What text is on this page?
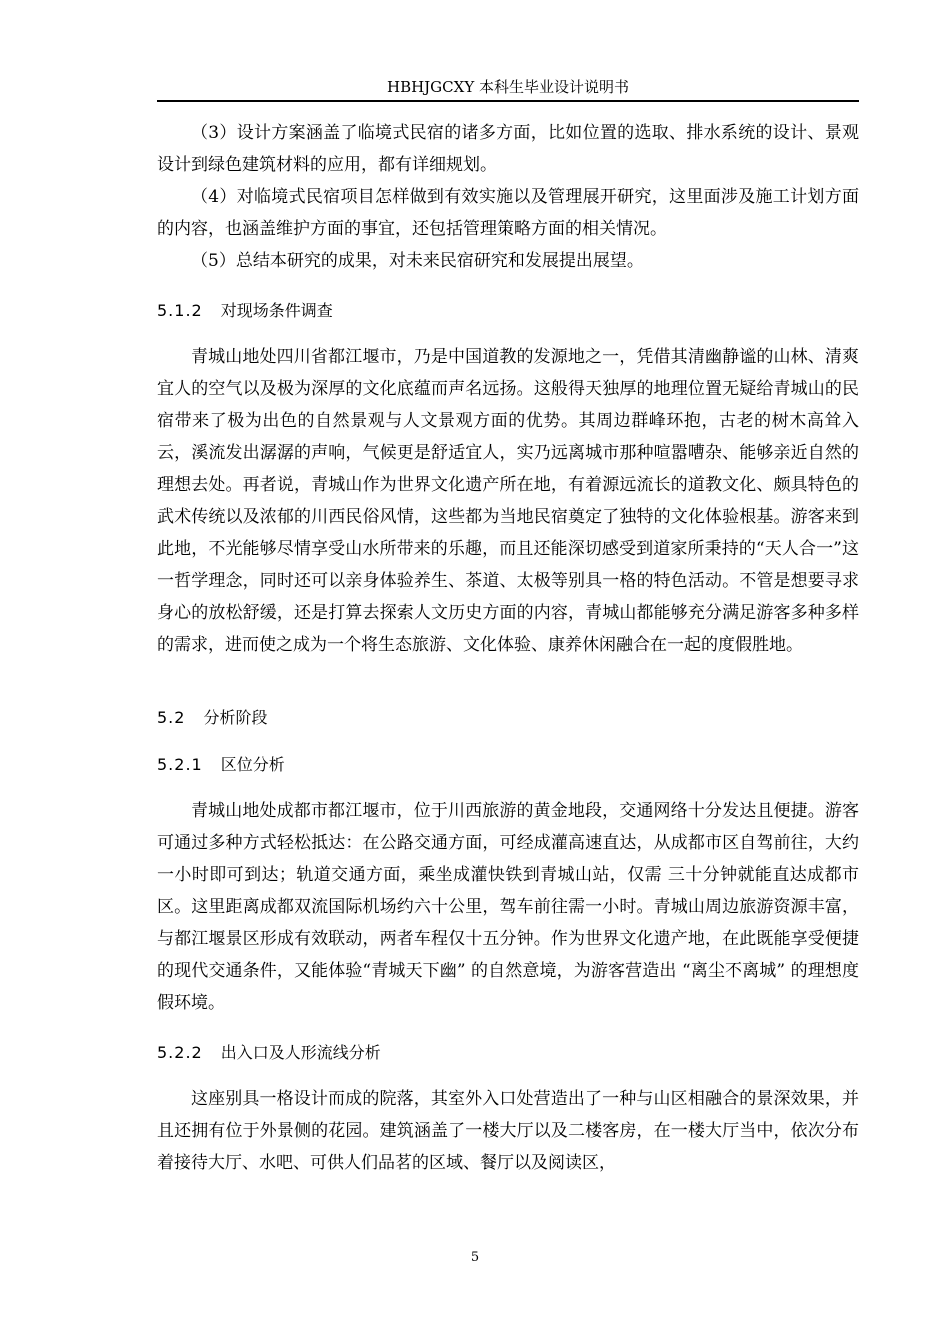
HBHJGCXY 本科生毕业设计说明书

（3）设计方案涵盖了临境式民宿的诸多方面，比如位置的选取、排水系统的设计、景观设计到绿色建筑材料的应用，都有详细规划。

（4）对临境式民宿项目怎样做到有效实施以及管理展开研究，这里面涉及施工计划方面的内容，也涵盖维护方面的事宜，还包括管理策略方面的相关情况。

（5）总结本研究的成果，对未来民宿研究和发展提出展望。

5.1.2 对现场条件调查

青城山地处四川省都江堰市，乃是中国道教的发源地之一，凭借其清幽静谧的山林、清爽宜人的空气以及极为深厚的文化底蕴而声名远扬。这般得天独厚的地理位置无疑给青城山的民宿带来了极为出色的自然景观与人文景观方面的优势。其周边群峰环抱，古老的树木高耸入云，溪流发出潺潺的声响，气候更是舒适宜人，实乃远离城市那种喧嚣嘈杂、能够亲近自然的理想去处。再者说，青城山作为世界文化遗产所在地，有着源远流长的道教文化、颇具特色的武术传统以及浓郁的川西民俗风情，这些都为当地民宿奠定了独特的文化体验根基。游客来到此地，不光能够尽情享受山水所带来的乐趣，而且还能深切感受到道家所秉持的“天人合一”这一哲学理念，同时还可以亲身体验养生、茶道、太极等别具一格的特色活动。不管是想要寻求身心的放松舒缓，还是打算去探索人文历史方面的内容，青城山都能够充分满足游客多种多样的需求，进而使之成为一个将生态旅游、文化体验、康养休闲融合在一起的度假胜地。

5.2 分析阶段
5.2.1 区位分析

青城山地处成都市都江堰市，位于川西旅游的黄金地段，交通网络十分发达且便捷。游客可通过多种方式轻松抵达：在公路交通方面，可经成灌高速直达，从成都市区自驾前往，大约一小时即可到达；轨道交通方面，乘坐成灌快铁到青城山站，仅需 三十分钟就能直达成都市区。这里距离成都双流国际机场约六十公里，驾车前往需一小时。青城山周边旅游资源丰富，与都江堰景区形成有效联动，两者车程仅十五分钟。作为世界文化遗产地，在此既能享受便捷的现代交通条件，又能体验“青城天下幽” 的自然意境，为游客营造出 “离尘不离城” 的理想度假环境。

5.2.2 出入口及人形流线分析

这座别具一格设计而成的院落，其室外入口处营造出了一种与山区相融合的景深效果，并且还拥有位于外景侧的花园。建筑涵盖了一楼大厅以及二楼客房，在一楼大厅当中，依次分布着接待大厅、水吧、可供人们品茗的区域、餐厅以及阅读区，

5
